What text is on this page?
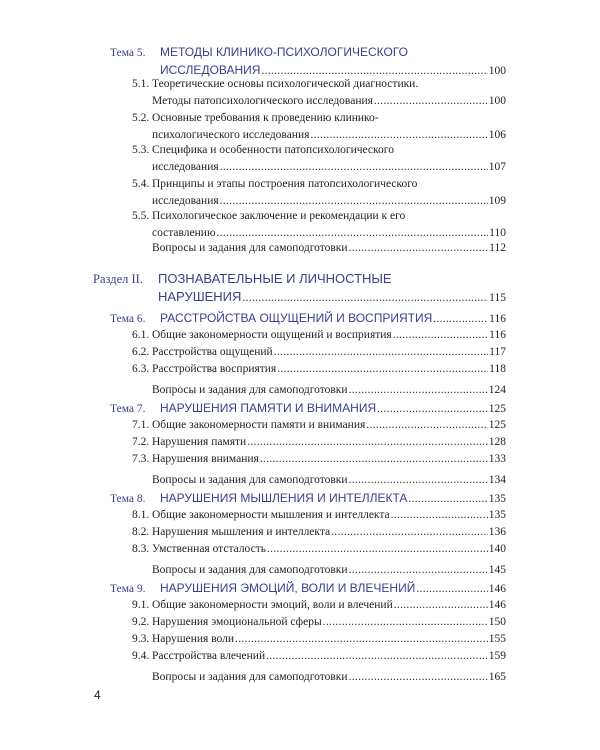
Тема 5.	МЕТОДЫ КЛИНИКО-ПСИХОЛОГИЧЕСКОГО
ИССЛЕДОВАНИЯ .....	100
5.1. Теоретические основы психологической диагностики.
Методы патопсихологического исследования .....	100
5.2. Основные требования к проведению клинико-
психологического исследования .....	106
5.3. Специфика и особенности патопсихологического
исследования .....	107
5.4. Принципы и этапы построения патопсихологического
исследования .....	109
5.5. Психологическое заключение и рекомендации к его
составлению .....	110
Вопросы и задания для самоподготовки .....	112
Раздел II.	ПОЗНАВАТЕЛЬНЫЕ И ЛИЧНОСТНЫЕ
НАРУШЕНИЯ .....	115
Тема 6.	РАССТРОЙСТВА ОЩУЩЕНИЙ И ВОСПРИЯТИЯ .....	116
6.1. Общие закономерности ощущений и восприятия .....	116
6.2. Расстройства ощущений .....	117
6.3. Расстройства восприятия .....	118
Вопросы и задания для самоподготовки .....	124
Тема 7.	НАРУШЕНИЯ ПАМЯТИ И ВНИМАНИЯ .....	125
7.1. Общие закономерности памяти и внимания .....	125
7.2. Нарушения памяти .....	128
7.3. Нарушения внимания .....	133
Вопросы и задания для самоподготовки .....	134
Тема 8.	НАРУШЕНИЯ МЫШЛЕНИЯ И ИНТЕЛЛЕКТА .....	135
8.1. Общие закономерности мышления и интеллекта .....	135
8.2. Нарушения мышления и интеллекта .....	136
8.3. Умственная отсталость .....	140
Вопросы и задания для самоподготовки .....	145
Тема 9.	НАРУШЕНИЯ ЭМОЦИЙ, ВОЛИ И ВЛЕЧЕНИЙ .....	146
9.1. Общие закономерности эмоций, воли и влечений .....	146
9.2. Нарушения эмоциональной сферы .....	150
9.3. Нарушения воли .....	155
9.4. Расстройства влечений .....	159
Вопросы и задания для самоподготовки .....	165
4
